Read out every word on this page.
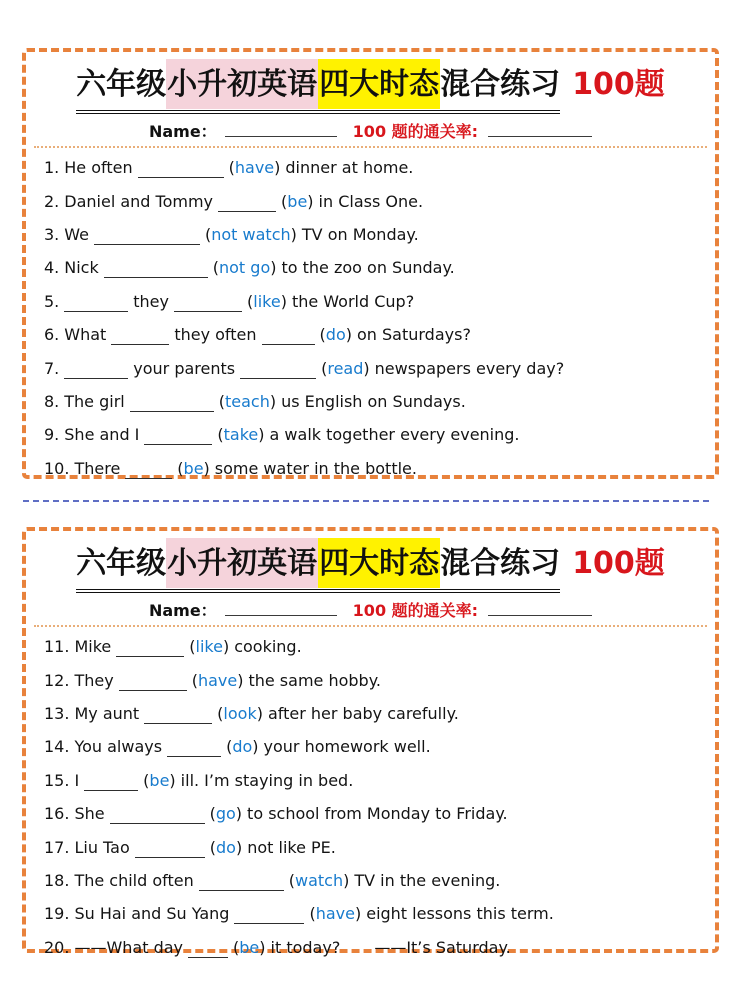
六年级小升初英语四大时态混合练习 100题
Name：	100 题的通关率:
1. He often	(have) dinner at home.
2. Daniel and Tommy	(be) in Class One.
3. We	(not watch) TV on Monday.
4. Nick	(not go) to the zoo on Sunday.
5.	they	(like) the World Cup?
6. What	they often	(do) on Saturdays?
7.	your parents	(read) newspapers every day?
8. The girl	(teach) us English on Sundays.
9. She and I	(take) a walk together every evening.
10. There	(be) some water in the bottle.
六年级小升初英语四大时态混合练习 100题
Name：	100 题的通关率:
11. Mike	(like) cooking.
12. They	(have) the same hobby.
13. My aunt	(look) after her baby carefully.
14. You always	(do) your homework well.
15. I	(be) ill. I’m staying in bed.
16. She	(go) to school from Monday to Friday.
17. Liu Tao	(do) not like PE.
18. The child often	(watch) TV in the evening.
19. Su Hai and Su Yang	(have) eight lessons this term.
20. ——What day	(be) it today? ——It’s Saturday.
